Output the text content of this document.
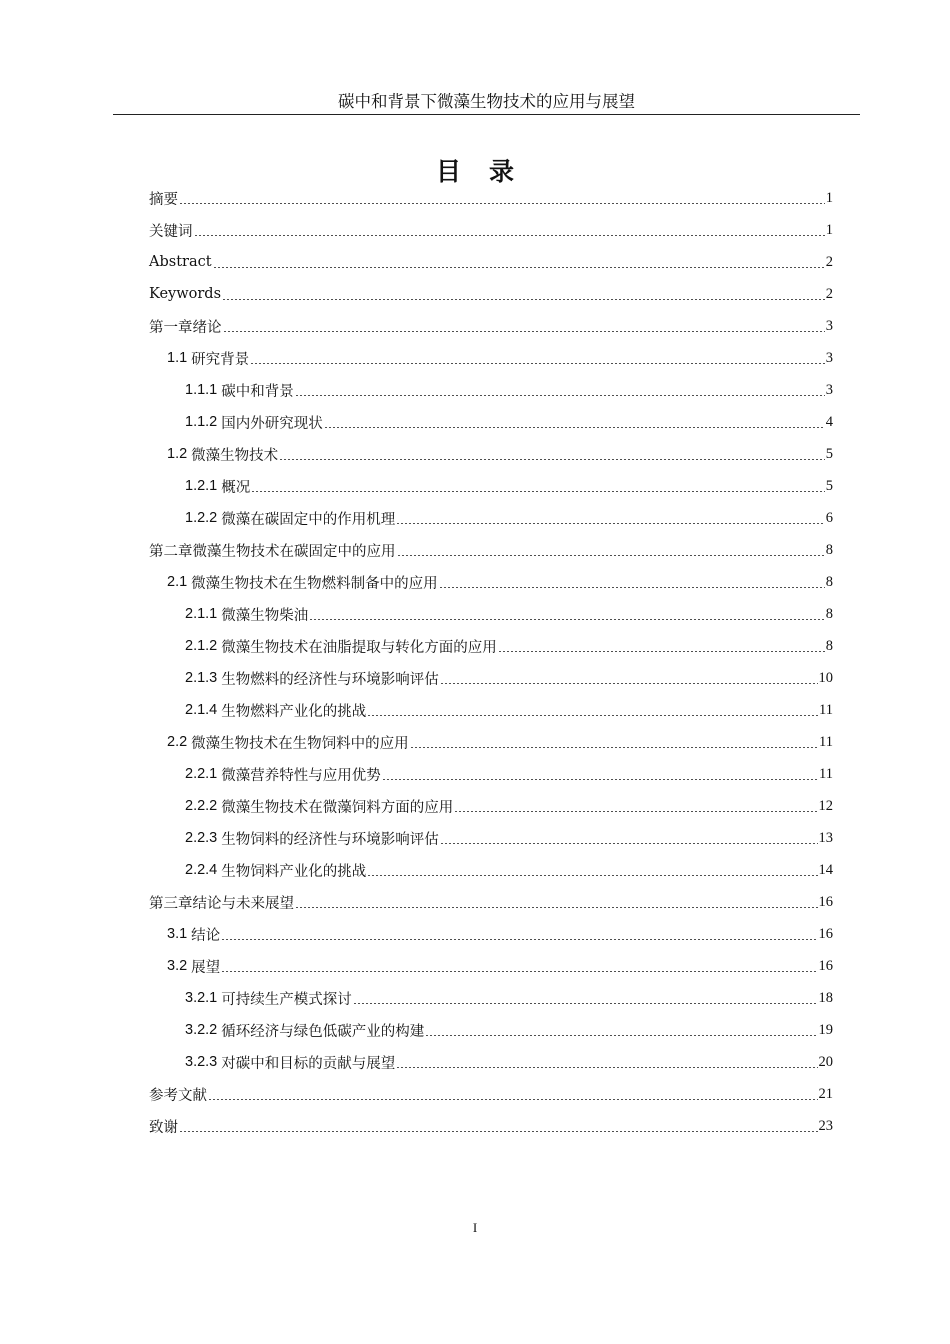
碳中和背景下微藻生物技术的应用与展望
目录
摘要	1
关键词	1
Abstract	2
Keywords	2
第一章绪论	3
1.1 研究背景	3
1.1.1 碳中和背景	3
1.1.2 国内外研究现状	4
1.2 微藻生物技术	5
1.2.1 概况	5
1.2.2 微藻在碳固定中的作用机理	6
第二章微藻生物技术在碳固定中的应用	8
2.1 微藻生物技术在生物燃料制备中的应用	8
2.1.1 微藻生物柴油	8
2.1.2 微藻生物技术在油脂提取与转化方面的应用	8
2.1.3 生物燃料的经济性与环境影响评估	10
2.1.4 生物燃料产业化的挑战	11
2.2 微藻生物技术在生物饲料中的应用	11
2.2.1 微藻营养特性与应用优势	11
2.2.2 微藻生物技术在微藻饲料方面的应用	12
2.2.3 生物饲料的经济性与环境影响评估	13
2.2.4 生物饲料产业化的挑战	14
第三章结论与未来展望	16
3.1 结论	16
3.2 展望	16
3.2.1 可持续生产模式探讨	18
3.2.2 循环经济与绿色低碳产业的构建	19
3.2.3 对碳中和目标的贡献与展望	20
参考文献	21
致谢	23
I
